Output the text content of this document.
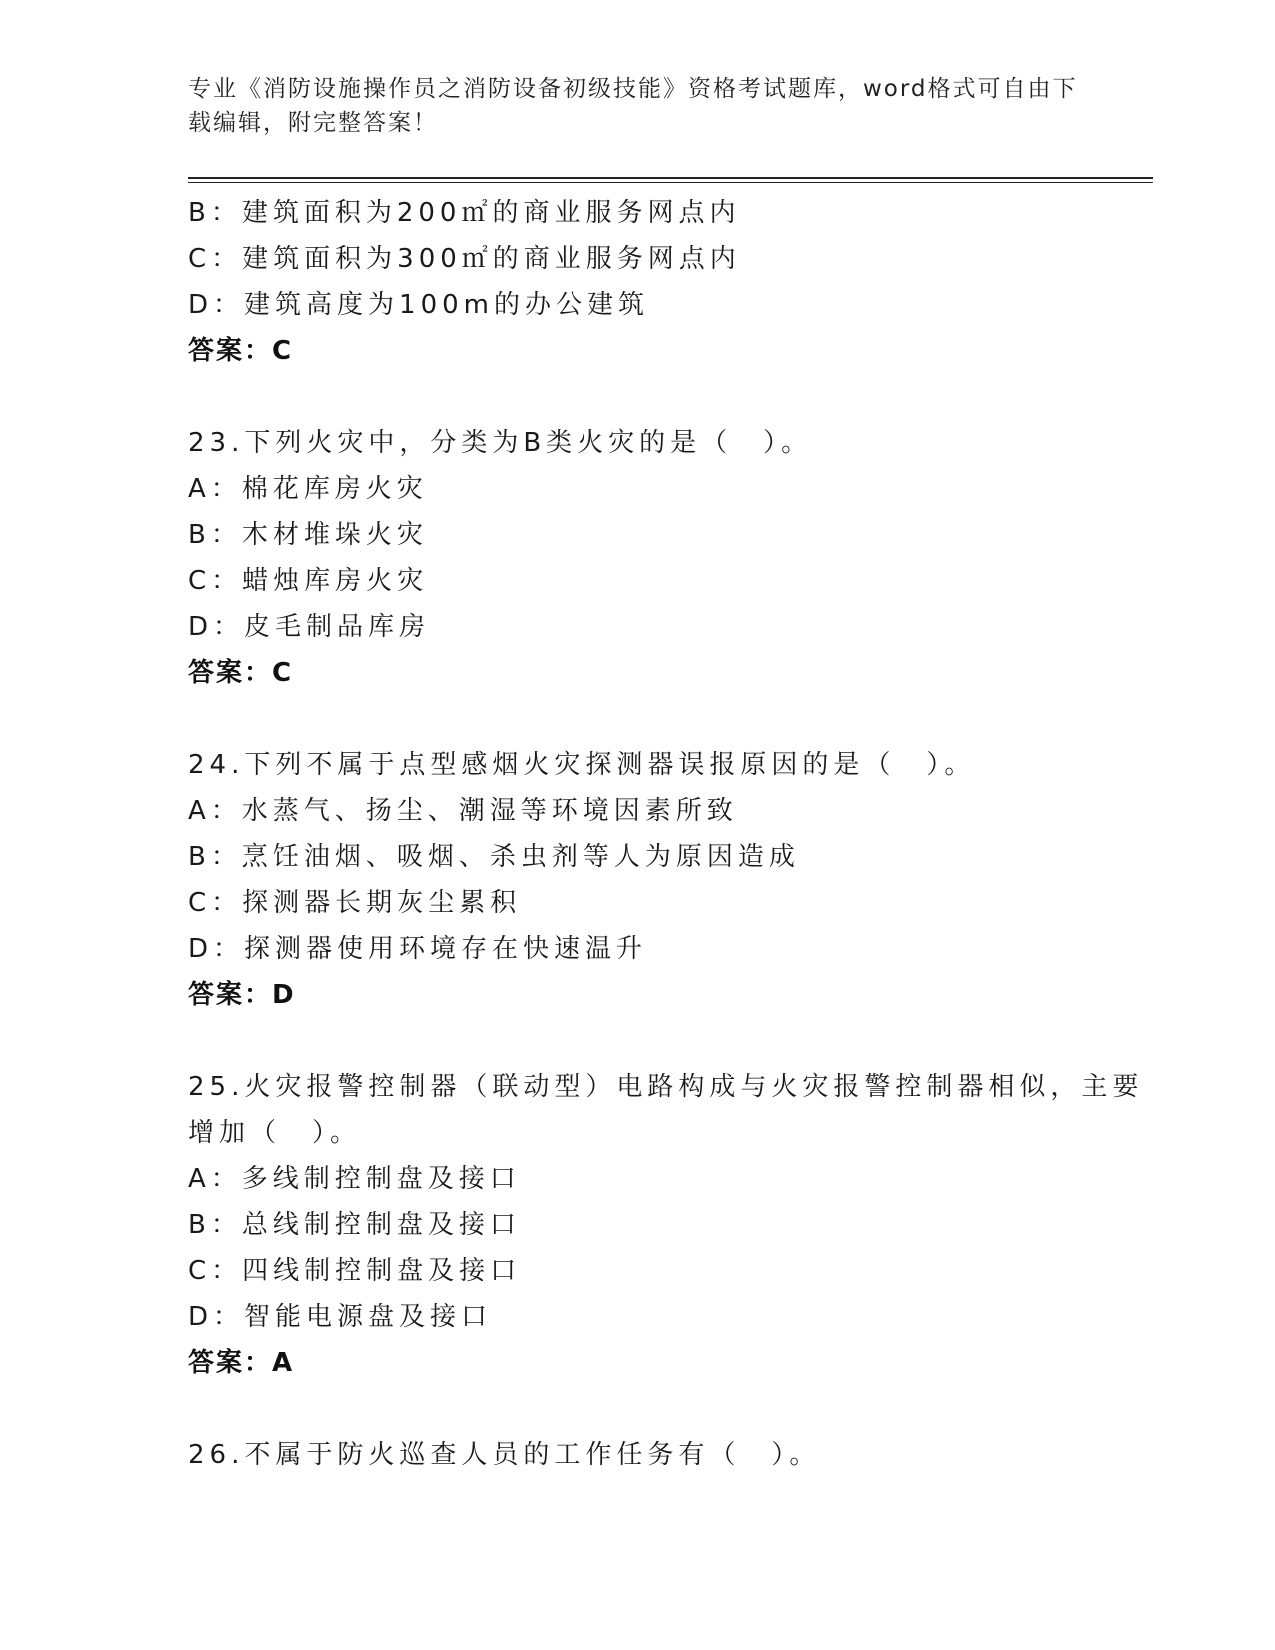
专业《消防设施操作员之消防设备初级技能》资格考试题库，word格式可自由下
载编辑，附完整答案！
B：建筑面积为200㎡的商业服务网点内
C：建筑面积为300㎡的商业服务网点内
D：建筑高度为100m的办公建筑
答案：C
23.下列火灾中，分类为B类火灾的是（　）。
A：棉花库房火灾
B：木材堆垛火灾
C：蜡烛库房火灾
D：皮毛制品库房
答案：C
24.下列不属于点型感烟火灾探测器误报原因的是（　）。
A：水蒸气、扬尘、潮湿等环境因素所致
B：烹饪油烟、吸烟、杀虫剂等人为原因造成
C：探测器长期灰尘累积
D：探测器使用环境存在快速温升
答案：D
25.火灾报警控制器（联动型）电路构成与火灾报警控制器相似，主要
增加（　）。
A：多线制控制盘及接口
B：总线制控制盘及接口
C：四线制控制盘及接口
D：智能电源盘及接口
答案：A
26.不属于防火巡查人员的工作任务有（　）。
